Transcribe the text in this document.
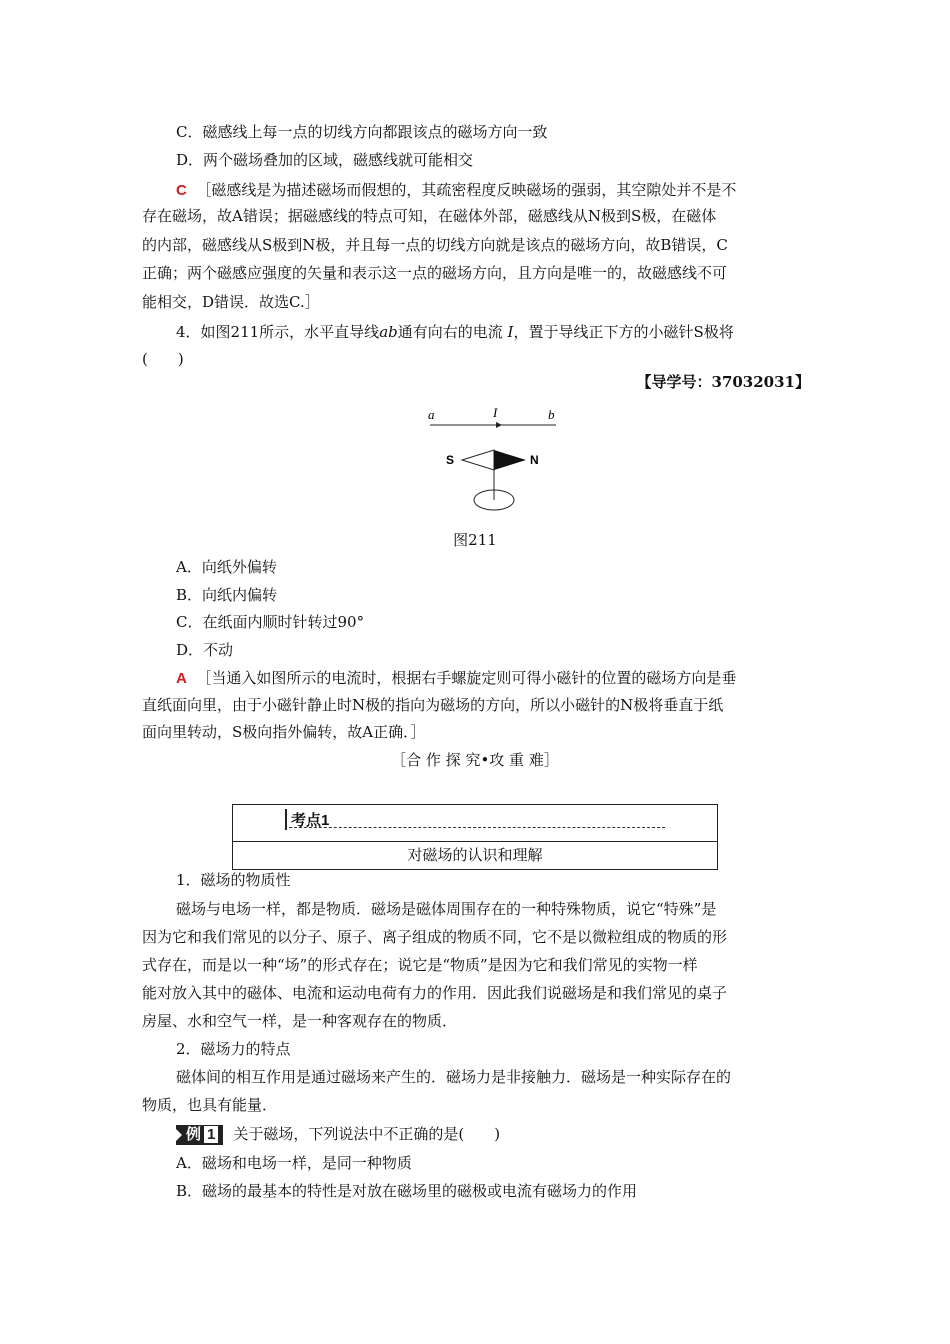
C．磁感线上每一点的切线方向都跟该点的磁场方向一致
D．两个磁场叠加的区域，磁感线就可能相交
C ［磁感线是为描述磁场而假想的，其疏密程度反映磁场的强弱，其空隙处并不是不
存在磁场，故A错误；据磁感线的特点可知，在磁体外部，磁感线从N极到S极，在磁体
的内部，磁感线从S极到N极，并且每一点的切线方向就是该点的磁场方向，故B错误，C
正确；两个磁感应强度的矢量和表示这一点的磁场方向，且方向是唯一的，故磁感线不可
能相交，D错误．故选C.］
4．如图211所示，水平直导线ab通有向右的电流 I，置于导线正下方的小磁针S极将
(　　)
【导学号：37032031】
a	I	b
S	N
图211
A．向纸外偏转
B．向纸内偏转
C．在纸面内顺时针转过90°
D．不动
A ［当通入如图所示的电流时，根据右手螺旋定则可得小磁针的位置的磁场方向是垂
直纸面向里，由于小磁针静止时N极的指向为磁场的方向，所以小磁针的N极将垂直于纸
面向里转动，S极向指外偏转，故A正确．］
［合 作 探 究•攻 重 难］
考点1
对磁场的认识和理解
1．磁场的物质性
磁场与电场一样，都是物质．磁场是磁体周围存在的一种特殊物质，说它“特殊”是
因为它和我们常见的以分子、原子、离子组成的物质不同，它不是以微粒组成的物质的形
式存在，而是以一种“场”的形式存在；说它是“物质”是因为它和我们常见的实物一样
能对放入其中的磁体、电流和运动电荷有力的作用．因此我们说磁场是和我们常见的桌子
房屋、水和空气一样，是一种客观存在的物质．
2．磁场力的特点
磁体间的相互作用是通过磁场来产生的．磁场力是非接触力．磁场是一种实际存在的
物质，也具有能量．
例 1 关于磁场，下列说法中不正确的是(　　)
A．磁场和电场一样，是同一种物质
B．磁场的最基本的特性是对放在磁场里的磁极或电流有磁场力的作用
